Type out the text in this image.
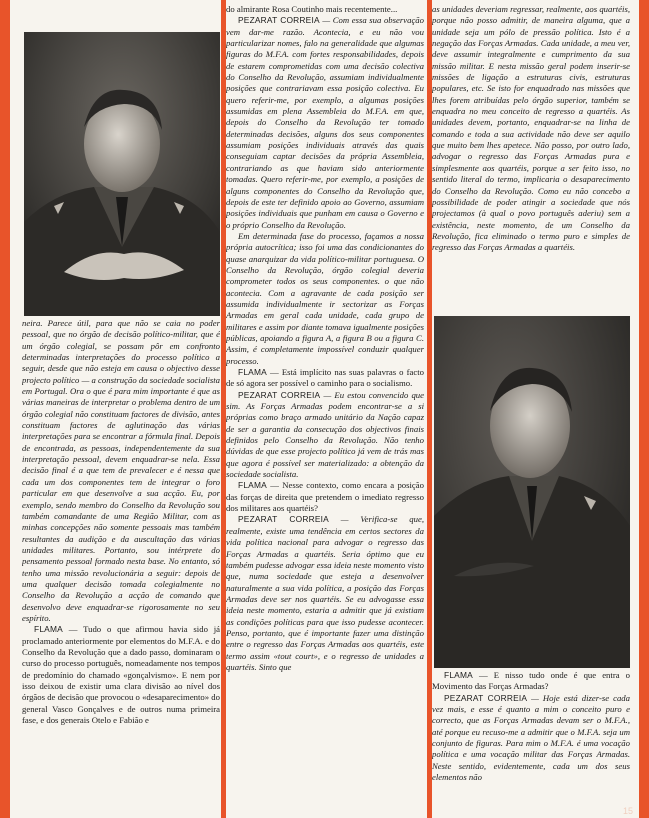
neira. Parece útil, para que não se caia no poder pessoal, que no órgão de decisão político-militar, que é um órgão colegial, se possam pôr em confronto determinadas interpretações do processo político a seguir, desde que não esteja em causa o objectivo desse projecto político — a construção da sociedade socialista em Portugal. Ora o que é para mim importante é que as várias maneiras de interpretar o problema dentro de um órgão colegial não constituam factores de divisão, antes constituam factores de aglutinação das várias interpretações para se encontrar a fórmula final. Depois de encontrada, as pessoas, independentemente da sua interpretação pessoal, devem enquadrar-se nela. Essa decisão final é a que tem de prevalecer e é nessa que cada um dos componentes tem de integrar o foro particular em que desenvolve a sua acção. Eu, por exemplo, sendo membro do Conselho da Revolução sou também comandante de uma Região Militar, com as minhas concepções não somente pessoais mas também resultantes da audição e da auscultação das várias unidades militares. Portanto, sou intérprete do pensamento pessoal formado nesta base. No entanto, só tenho uma missão revolucionária a seguir: depois de uma qualquer decisão tomada colegialmente no Conselho da Revolução a acção de comando que desenvolvo deve enquadrar-se rigorosamente no seu espírito.

FLAMA — Tudo o que afirmou havia sido já proclamado anteriormente por elementos do M.F.A. e do Conselho da Revolução que a dado passo, dominaram o curso do processo português, nomeadamente nos tempos de predomínio do chamado «gonçalvismo». E nem por isso deixou de existir uma clara divisão ao nível dos órgãos de decisão que provocou o «desaparecimento» do general Vasco Gonçalves e de outros numa primeira fase, e dos generais Otelo e Fabião e

do almirante Rosa Coutinho mais recentemente...

PEZARAT CORREIA — Com essa sua observação vem dar-me razão. Acontecia, e eu não vou particularizar nomes, falo na generalidade que algumas figuras do M.F.A. com fortes responsabilidades, depois de estarem comprometidas com uma decisão colectiva do Conselho da Revolução, assumiam individualmente posições que contrariavam essa posição colectiva. Eu quero referir-me, por exemplo, a algumas posições assumidas em plena Assembleia do M.F.A. em que, depois do Conselho da Revolução ter tomado determinadas decisões, alguns dos seus componentes assumiam posições individuais através das quais conseguiam captar decisões da própria Assembleia, contrariando as que haviam sido anteriormente tomadas. Quero referir-me, por exemplo, a posições de alguns componentes do Conselho da Revolução que, depois de este ter definido apoio ao Governo, assumiam posições individuais que punham em causa o Governo e o próprio Conselho da Revolução.

Em determinada fase do processo, façamos a nossa própria autocrítica; isso foi uma das condicionantes do quase anarquizar da vida político-militar portuguesa. O Conselho da Revolução, órgão colegial deveria comprometer todos os seus componentes. o que não acontecia. Com a agravante de cada posição ser assumida individualmente ir sectorizar as Forças Armadas em geral cada unidade, cada grupo de militares e assim por diante tomava igualmente posições públicas, apoiando a figura A, a figura B ou a figura C. Assim, é completamente impossível conduzir qualquer processo.

FLAMA — Está implícito nas suas palavras o facto de só agora ser possível o caminho para o socialismo.

PEZARAT CORREIA — Eu estou convencido que sim. As Forças Armadas podem encontrar-se a si próprias como braço armado unitário da Nação capaz de ser a garantia da consecução dos objectivos finais definidos pelo Conselho da Revolução. Não tenho dúvidas de que esse projecto político já vem de trás mas que agora é possível ser materializado: a obtenção da sociedade socialista.

FLAMA — Nesse contexto, como encara a posição das forças de direita que pretendem o imediato regresso dos militares aos quartéis?

PEZARAT CORREIA — Verifica-se que, realmente, existe uma tendência em certos sectores da vida política nacional para advogar o regresso das Forças Armadas a quartéis. Seria óptimo que eu também pudesse advogar essa ideia neste momento visto que, numa sociedade que esteja a desenvolver naturalmente a sua vida política, a posição das Forças Armadas deve ser nos quartéis. Se eu advogasse essa ideia neste momento, estaria a admitir que já existiam as condições políticas para que isso pudesse acontecer. Penso, portanto, que é importante fazer uma distinção entre o regresso das Forças Armadas aos quartéis, este termo assim «tout court», e o regresso de unidades a quartéis. Sinto que

as unidades deveriam regressar, realmente, aos quartéis, porque não posso admitir, de maneira alguma, que a unidade seja um pólo de pressão política. Isto é a negação das Forças Armadas. Cada unidade, a meu ver, deve assumir integralmente e cumprimento da sua missão militar. E nesta missão geral podem inserir-se missões de ligação a estruturas civis, estruturas populares, etc. Se isto for enquadrado nas missões que lhes forem atribuídas pelo órgão superior, também se enquadra no meu conceito de regresso a quartéis. As unidades devem, portanto, enquadrar-se na linha de comando e toda a sua actividade não deve ser aquilo que muito bem lhes apetece. Não posso, por outro lado, advogar o regresso das Forças Armadas pura e simplesmente aos quartéis, porque a ser feito isso, no sentido literal do termo, implicaria o desaparecimento do Conselho da Revolução. Como eu não concebo a possibilidade de poder atingir a sociedade que nós projectamos (à qual o povo português aderiu) sem a existência, neste momento, de um Conselho da Revolução, fica eliminado o termo puro e simples de regresso das Forças Armadas a quartéis.

FLAMA — E nisso tudo onde é que entra o Movimento das Forças Armadas?

PEZARAT CORREIA — Hoje está dizer-se cada vez mais, e esse é quanto a mim o conceito puro e correcto, que as Forças Armadas devam ser o M.F.A., até porque eu recuso-me a admitir que o M.F.A. seja um conjunto de figuras. Para mim o M.F.A. é uma vocação política e uma vocação militar das Forças Armadas. Neste sentido, evidentemente, cada um dos seus elementos não

15
